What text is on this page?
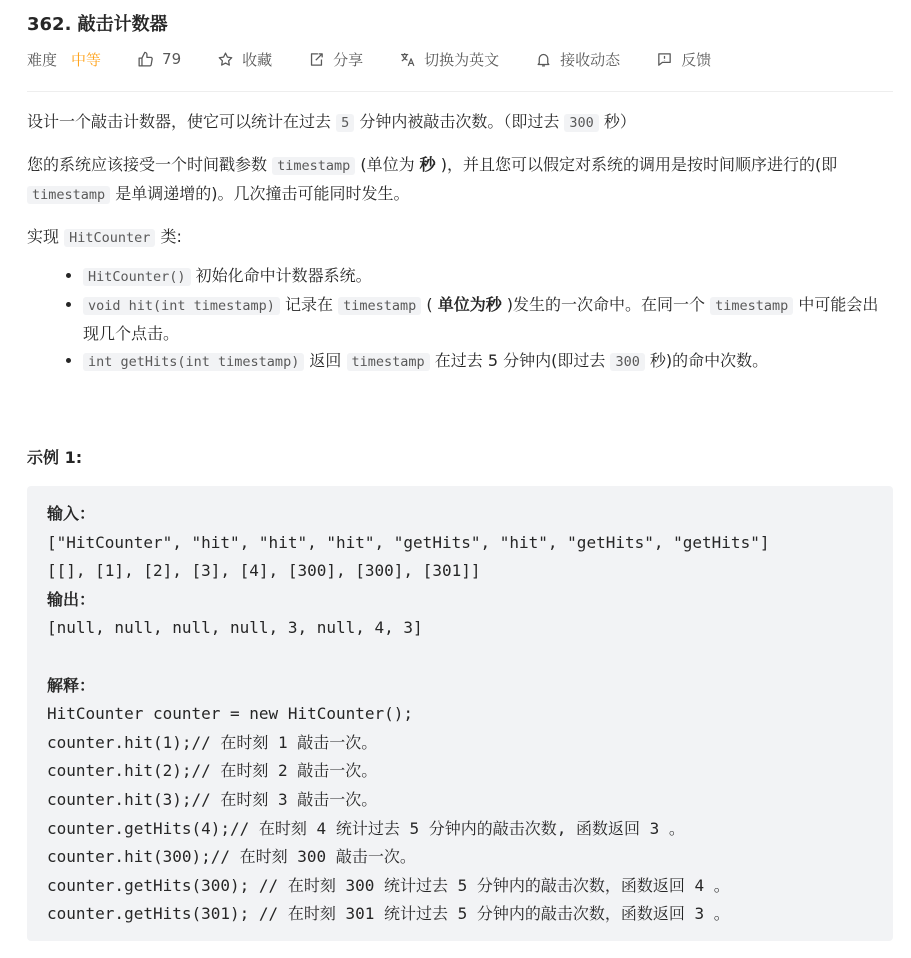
362. 敲击计数器
难度 中等	79	收藏	分享	切换为英文	接收动态	反馈

设计一个敲击计数器，使它可以统计在过去 5 分钟内被敲击次数。（即过去 300 秒）

您的系统应该接受一个时间戳参数 timestamp (单位为 秒 )，并且您可以假定对系统的调用是按时间顺序进行的(即 timestamp 是单调递增的)。几次撞击可能同时发生。

实现 HitCounter 类:

• HitCounter() 初始化命中计数器系统。
• void hit(int timestamp) 记录在 timestamp ( 单位为秒 )发生的一次命中。在同一个 timestamp 中可能会出现几个点击。
• int getHits(int timestamp) 返回 timestamp 在过去 5 分钟内(即过去 300 秒)的命中次数。
示例 1:
输入：
["HitCounter", "hit", "hit", "hit", "getHits", "hit", "getHits", "getHits"]
[[], [1], [2], [3], [4], [300], [300], [301]]
输出：
[null, null, null, null, 3, null, 4, 3]
解释：
HitCounter counter = new HitCounter();
counter.hit(1);// 在时刻 1 敲击一次。
counter.hit(2);// 在时刻 2 敲击一次。
counter.hit(3);// 在时刻 3 敲击一次。
counter.getHits(4);// 在时刻 4 统计过去 5 分钟内的敲击次数, 函数返回 3 。
counter.hit(300);// 在时刻 300 敲击一次。
counter.getHits(300); // 在时刻 300 统计过去 5 分钟内的敲击次数，函数返回 4 。
counter.getHits(301); // 在时刻 301 统计过去 5 分钟内的敲击次数，函数返回 3 。
